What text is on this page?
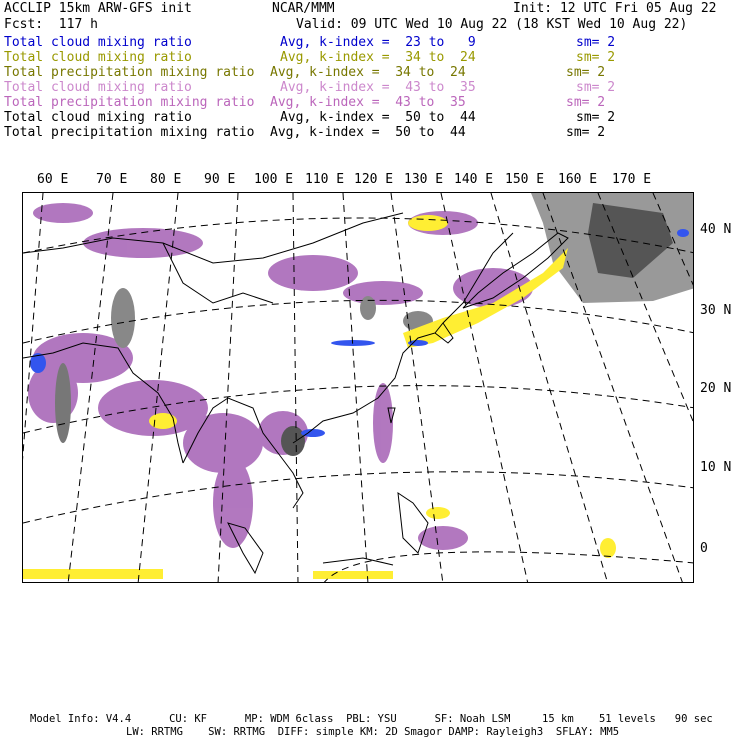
ACCLIP 15km ARW-GFS init	NCAR/MMM	Init: 12 UTC Fri 05 Aug 22
Fcst:  117 h	Valid: 09 UTC Wed 10 Aug 22 (18 KST Wed 10 Aug 22)
Total cloud mixing ratio	Avg, k-index =  23 to   9	sm= 2
Total cloud mixing ratio	Avg, k-index =  34 to  24	sm= 2
Total precipitation mixing ratio Avg, k-index =  34 to  24	sm= 2
Total cloud mixing ratio	Avg, k-index =  43 to  35	sm= 2
Total precipitation mixing ratio Avg, k-index =  43 to  35	sm= 2
Total cloud mixing ratio	Avg, k-index =  50 to  44	sm= 2
Total precipitation mixing ratio Avg, k-index =  50 to  44	sm= 2
60 E 70 E 80 E 90 E 100 E 110 E 120 E 130 E 140 E 150 E 160 E 170 E
40 N
30 N
20 N
10 N
0
Model Info: V4.4      CU: KF      MP: WDM 6class  PBL: YSU      SF: Noah LSM     15 km    51 levels   90 sec
LW: RRTMG    SW: RRTMG  DIFF: simple KM: 2D Smagor DAMP: Rayleigh3  SFLAY: MM5
